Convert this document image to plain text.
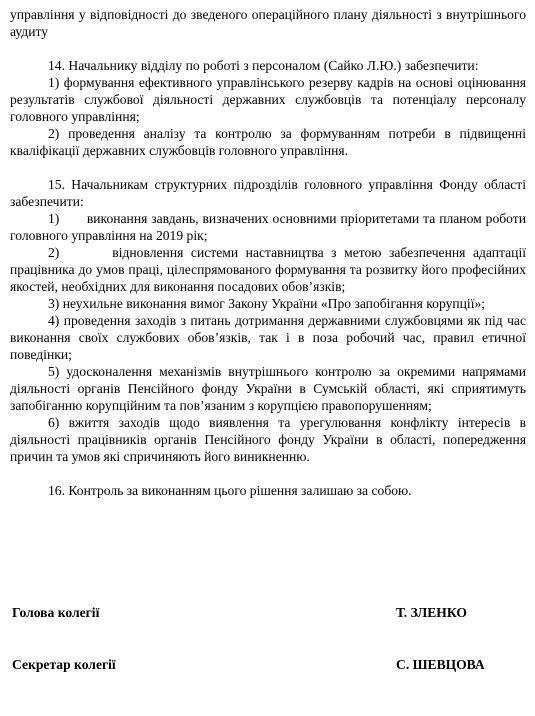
управління у відповідності до зведеного операційного плану діяльності з внутрішнього аудиту

14. Начальнику відділу по роботі з персоналом (Сайко Л.Ю.) забезпечити:

1) формування ефективного управлінського резерву кадрів на основі оцінювання результатів службової діяльності державних службовців та потенціалу персоналу головного управління;

2) проведення аналізу та контролю за формуванням потреби в підвищенні кваліфікації державних службовців головного управління.

15. Начальникам структурних підрозділів головного управління Фонду області забезпечити:

1)       виконання завдань, визначених основними пріоритетами та планом роботи головного управління на 2019 рік;

2)       відновлення системи наставництва з метою забезпечення адаптації працівника до умов праці, цілеспрямованого формування та розвитку його професійних якостей, необхідних для виконання посадових обов’язків;

3) неухильне виконання вимог Закону України «Про запобігання корупції»;

4) проведення заходів з питань дотримання державними службовцями як під час виконання своїх службових обов’язків, так і в поза робочий час, правил етичної поведінки;

5) удосконалення механізмів внутрішнього контролю за окремими напрямами діяльності органів Пенсійного фонду України в Сумській області, які сприятимуть запобіганню корупційним та пов’язаним з корупцією правопорушенням;

6) вжиття заходів щодо виявлення та урегулювання конфлікту інтересів в діяльності працівників органів Пенсійного фонду України в області, попередження причин та умов які спричиняють його виникненню.

16. Контроль за виконанням цього рішення залишаю за собою.

Голова колегії	Т. ЗЛЕНКО
Секретар колегії	С. ШЕВЦОВА
